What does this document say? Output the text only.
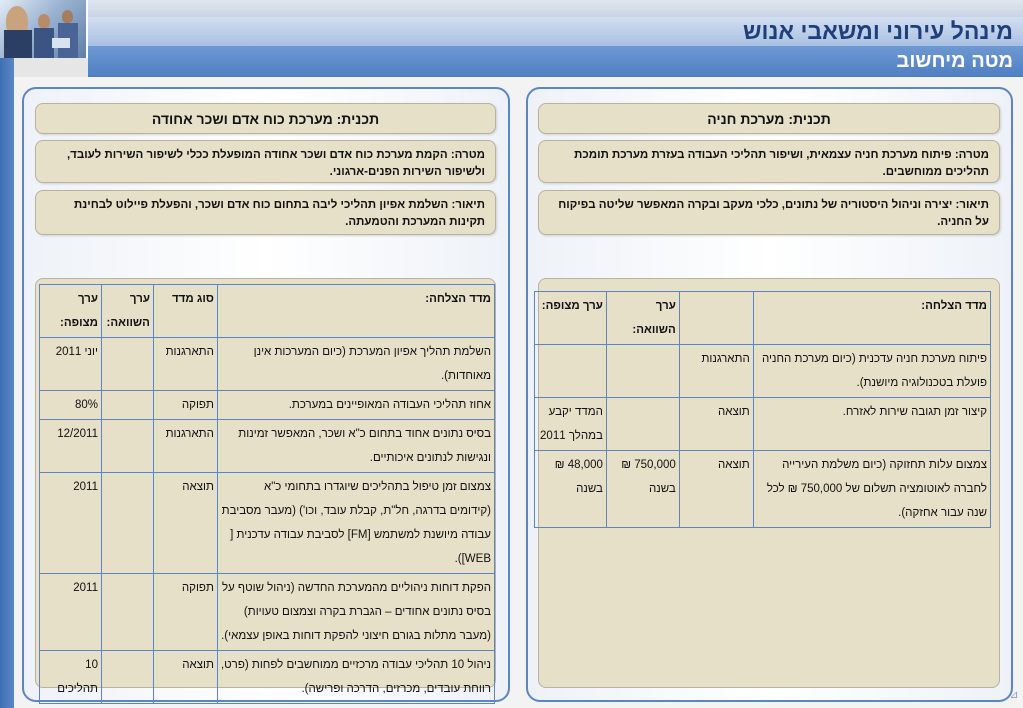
מינהל עירוני ומשאבי אנוש
מטה מיחשוב
תכנית: מערכת חניה
מטרה: פיתוח מערכת חניה עצמאית, ושיפור תהליכי העבודה בעזרת מערכת תומכת תהליכים ממוחשבים.
תיאור: יצירה וניהול היסטוריה של נתונים, כלכי מעקב ובקרה המאפשר שליטה בפיקוח על החניה.
מדד הצלחה:		ערך השוואה:	ערך מצופה:
פיתוח מערכת חניה עדכנית (כיום מערכת החניה פועלת בטכנולוגיה מיושנת).	התארגנות		
קיצור זמן תגובה שירות לאזרח.	תוצאה		המדד יקבע במהלך 2011
צמצום עלות תחזוקה (כיום משלמת העירייה לחברה לאוטומציה תשלום של 750,000 ₪ לכל שנה עבור אחזקה).	תוצאה	750,000 ₪ בשנה	48,000 ₪ בשנה
תכנית: מערכת כוח אדם ושכר אחודה
מטרה: הקמת מערכת כוח אדם ושכר אחודה המופעלת ככלי לשיפור השירות לעובד, ולשיפור השירות הפנים-ארגוני.
תיאור: השלמת אפיון תהליכי ליבה בתחום כוח אדם ושכר, והפעלת פיילוט לבחינת תקינות המערכת והטמעתה.
מדד הצלחה:	סוג מדד	ערך השוואה:	ערך מצופה:
השלמת תהליך אפיון המערכת (כיום המערכות אינן מאוחדות).	התארגנות		יוני 2011
אחוז תהליכי העבודה המאופיינים במערכת.	תפוקה		80%
בסיס נתונים אחוד בתחום כ"א ושכר, המאפשר זמינות ונגישות לנתונים איכותיים.	התארגנות		12/2011
צמצום זמן טיפול בתהליכים שיוגדרו בתחומי כ"א (קידומים בדרגה, חל"ת, קבלת עובד, וכו') (מעבר מסביבת עבודה מיושנת למשתמש [FM] לסביבת עבודה עדכנית [ WEB]).	תוצאה		2011
הפקת דוחות ניהוליים מהמערכת החדשה (ניהול שוטף על בסיס נתונים אחודים – הגברת בקרה וצמצום טעויות) (מעבר מתלות בגורם חיצוני להפקת דוחות באופן עצמאי).	תפוקה		2011
ניהול 10 תהליכי עבודה מרכזיים ממוחשבים לפחות (פרט, רווחת עובדים, מכרזים, הדרכה ופרישה).	תוצאה		10 תהליכים	⊿
